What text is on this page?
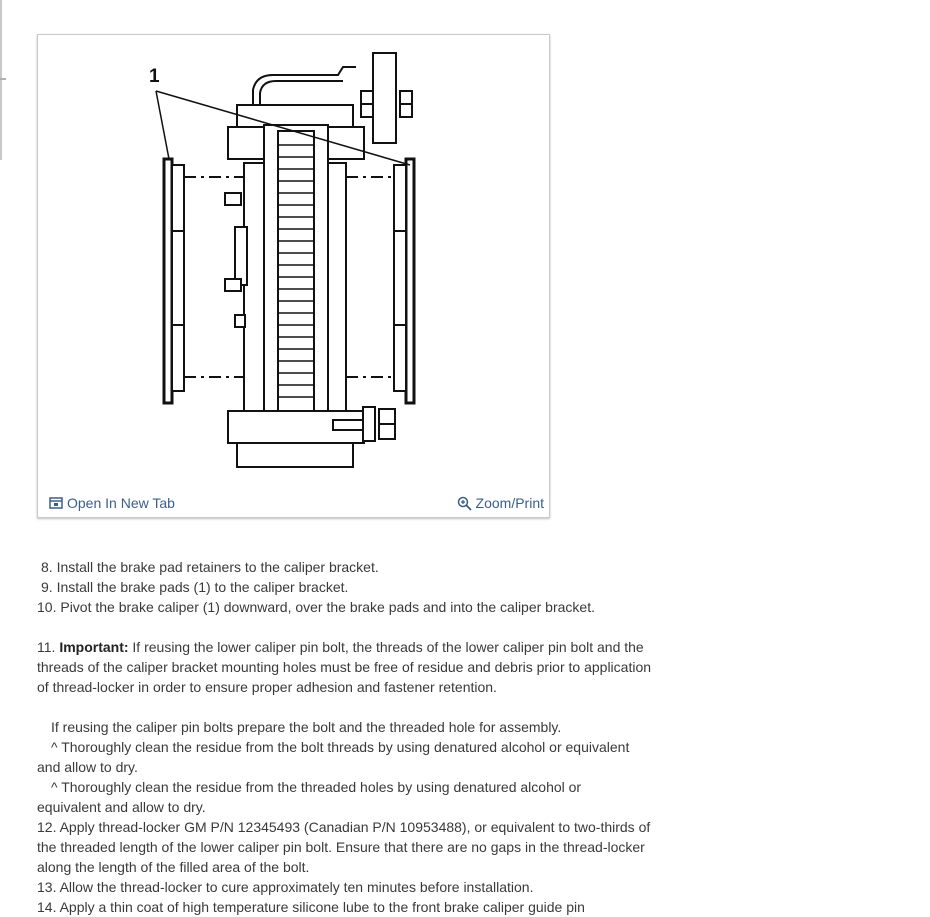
1
Open In New Tab	Zoom/Print

8. Install the brake pad retainers to the caliper bracket.

9. Install the brake pads (1) to the caliper bracket.

10. Pivot the brake caliper (1) downward, over the brake pads and into the caliper bracket.

11. Important: If reusing the lower caliper pin bolt, the threads of the lower caliper pin bolt and the threads of the caliper bracket mounting holes must be free of residue and debris prior to application of thread-locker in order to ensure proper adhesion and fastener retention.

If reusing the caliper pin bolts prepare the bolt and the threaded hole for assembly.

^ Thoroughly clean the residue from the bolt threads by using denatured alcohol or equivalent

and allow to dry.

^ Thoroughly clean the residue from the threaded holes by using denatured alcohol or

equivalent and allow to dry.

12. Apply thread-locker GM P/N 12345493 (Canadian P/N 10953488), or equivalent to two-thirds of the threaded length of the lower caliper pin bolt. Ensure that there are no gaps in the thread-locker along the length of the filled area of the bolt.

13. Allow the thread-locker to cure approximately ten minutes before installation.

14. Apply a thin coat of high temperature silicone lube to the front brake caliper guide pin
